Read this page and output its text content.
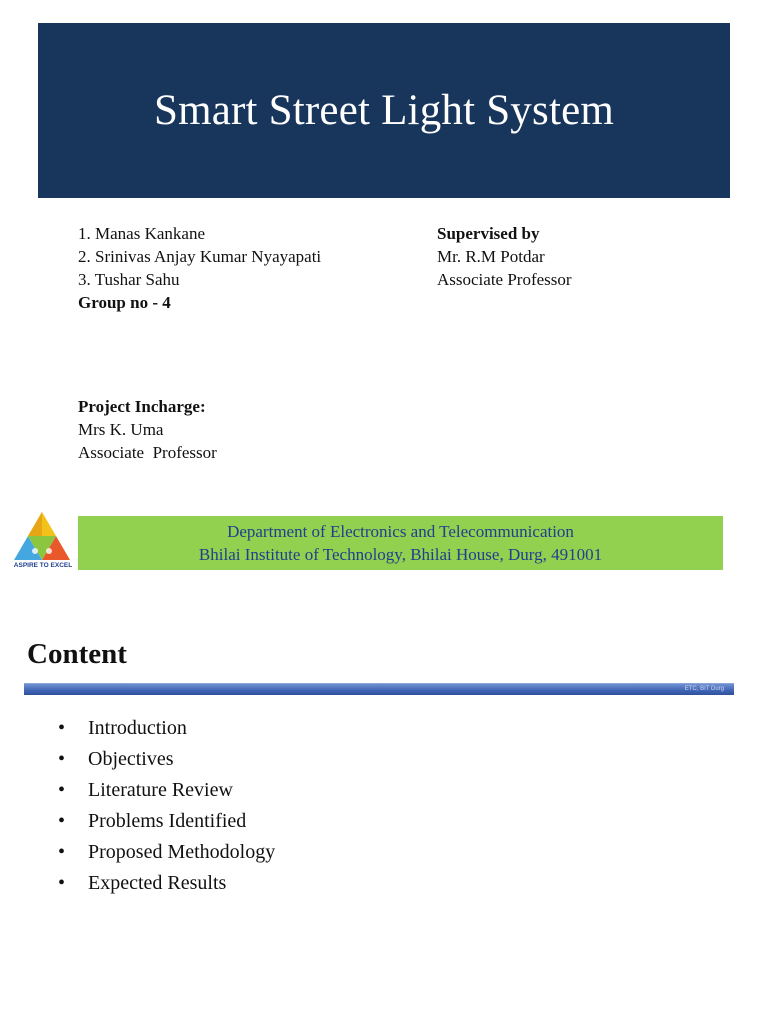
Smart Street Light System
1. Manas Kankane
2. Srinivas Anjay Kumar Nyayapati
3. Tushar Sahu
Group no - 4
Supervised by
Mr. R.M Potdar
Associate Professor
Project Incharge:
Mrs K. Uma
Associate  Professor
ASPIRE TO EXCEL
Department of Electronics and Telecommunication
Bhilai Institute of Technology, Bhilai House, Durg, 491001
Content
ETC, BIT Durg
•	Introduction
•	Objectives
•	Literature Review
•	Problems Identified
•	Proposed Methodology
•	Expected Results
